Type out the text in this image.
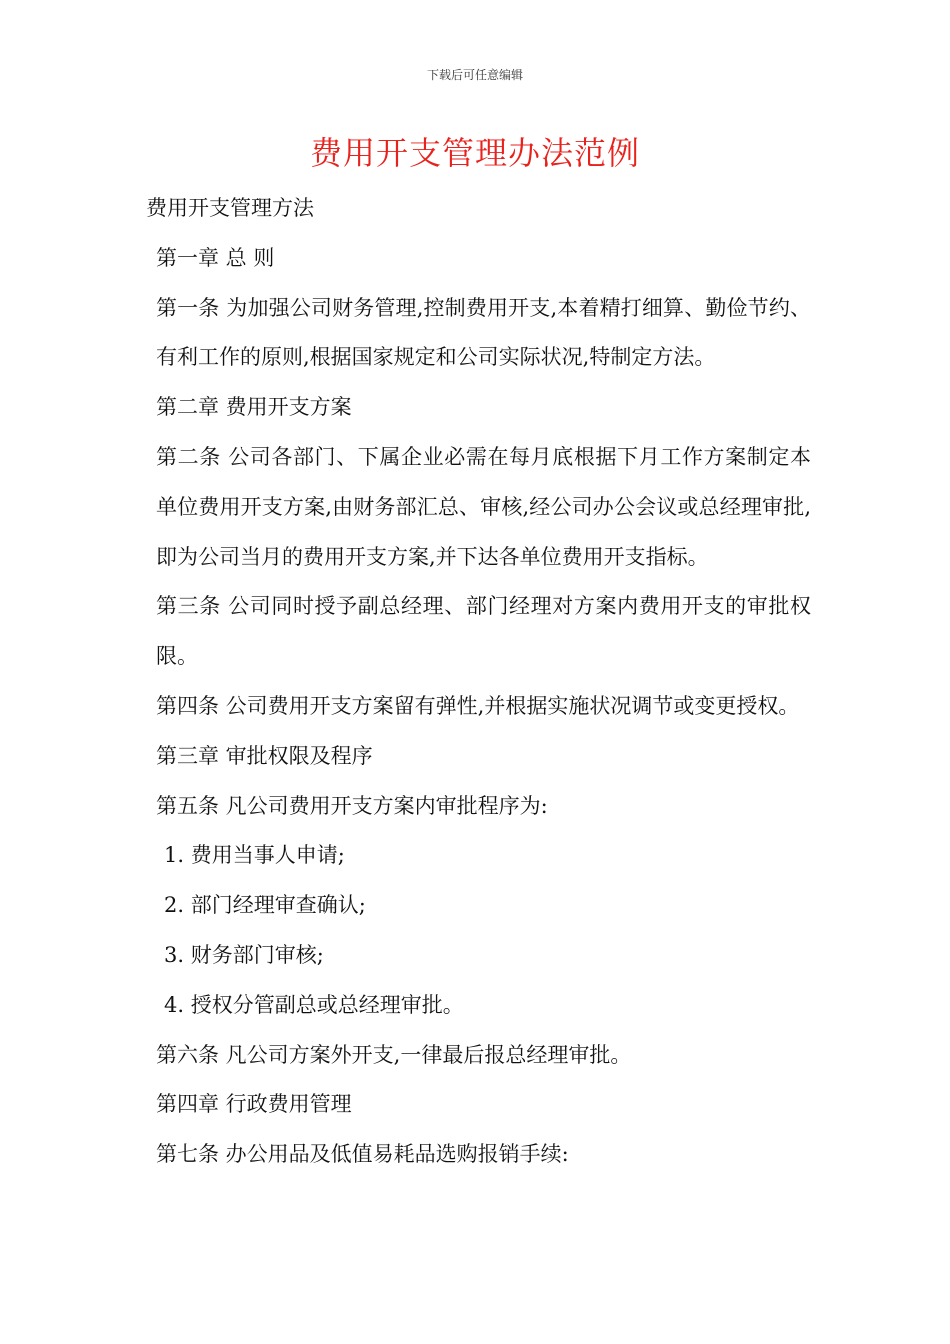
下载后可任意编辑
费用开支管理办法范例

费用开支管理方法

第一章 总 则

第一条 为加强公司财务管理,控制费用开支,本着精打细算、勤俭节约、有利工作的原则,根据国家规定和公司实际状况,特制定方法。

第二章 费用开支方案

第二条 公司各部门、下属企业必需在每月底根据下月工作方案制定本单位费用开支方案,由财务部汇总、审核,经公司办公会议或总经理审批,即为公司当月的费用开支方案,并下达各单位费用开支指标。

第三条 公司同时授予副总经理、部门经理对方案内费用开支的审批权限。

第四条 公司费用开支方案留有弹性,并根据实施状况调节或变更授权。

第三章 审批权限及程序

第五条 凡公司费用开支方案内审批程序为:

1. 费用当事人申请;

2. 部门经理审查确认;

3. 财务部门审核;

4. 授权分管副总或总经理审批。

第六条 凡公司方案外开支,一律最后报总经理审批。

第四章 行政费用管理

第七条 办公用品及低值易耗品选购报销手续:
